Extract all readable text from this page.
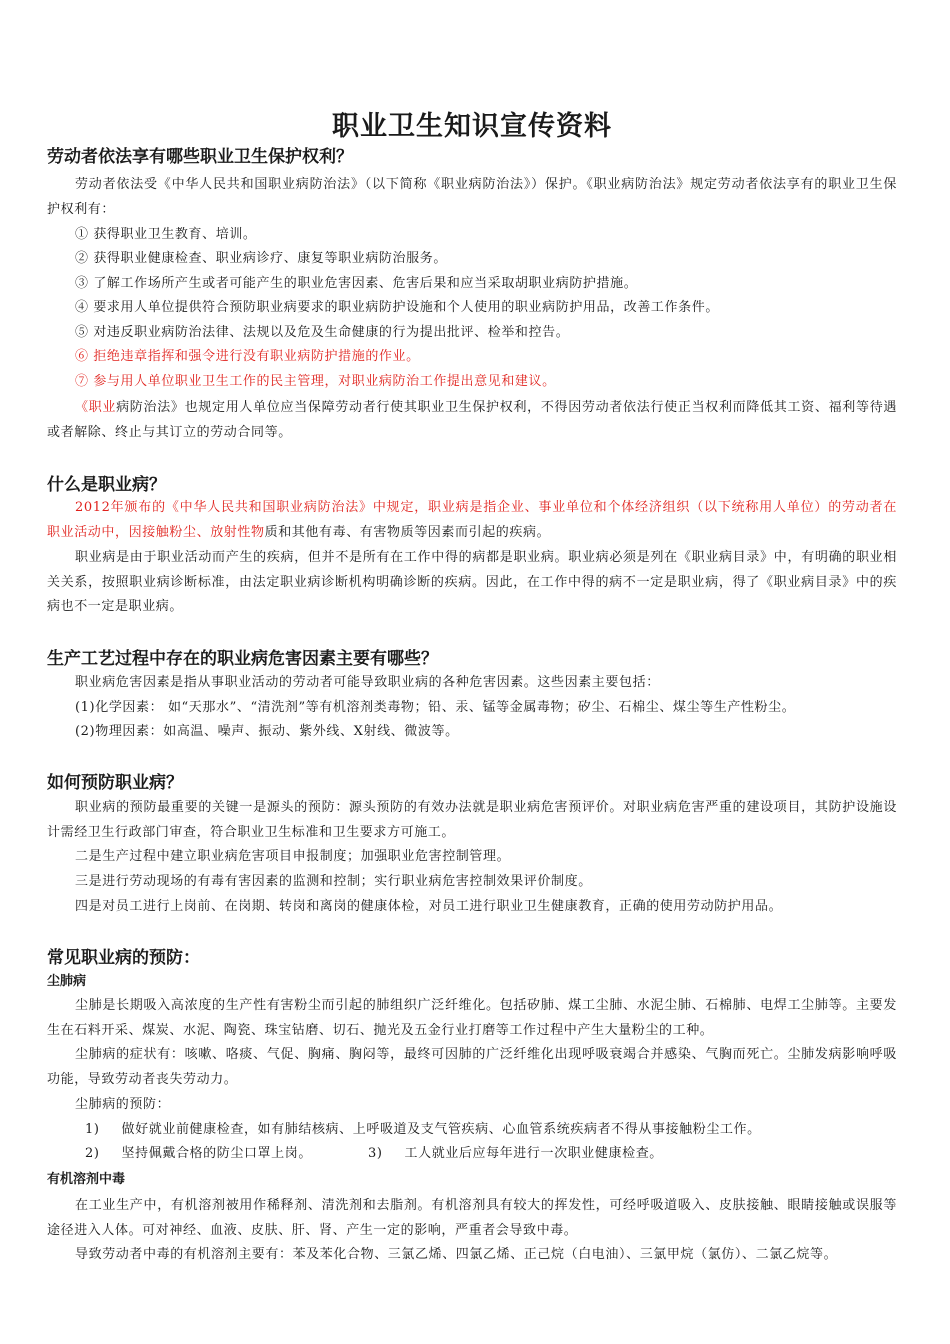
职业卫生知识宣传资料
劳动者依法享有哪些职业卫生保护权利？

劳动者依法受《中华人民共和国职业病防治法》（以下简称《职业病防治法》）保护。《职业病防治法》规定劳动者依法享有的职业卫生保护权利有：

① 获得职业卫生教育、培训。

② 获得职业健康检查、职业病诊疗、康复等职业病防治服务。

③ 了解工作场所产生或者可能产生的职业危害因素、危害后果和应当采取胡职业病防护措施。

④ 要求用人单位提供符合预防职业病要求的职业病防护设施和个人使用的职业病防护用品，改善工作条件。

⑤ 对违反职业病防治法律、法规以及危及生命健康的行为提出批评、检举和控告。

⑥ 拒绝违章指挥和强令进行没有职业病防护措施的作业。

⑦ 参与用人单位职业卫生工作的民主管理，对职业病防治工作提出意见和建议。

《职业病防治法》也规定用人单位应当保障劳动者行使其职业卫生保护权利，不得因劳动者依法行使正当权利而降低其工资、福利等待遇或者解除、终止与其订立的劳动合同等。

什么是职业病？

2012年颁布的《中华人民共和国职业病防治法》中规定，职业病是指企业、事业单位和个体经济组织（以下统称用人单位）的劳动者在职业活动中，因接触粉尘、放射性物质和其他有毒、有害物质等因素而引起的疾病。

职业病是由于职业活动而产生的疾病，但并不是所有在工作中得的病都是职业病。职业病必须是列在《职业病目录》中，有明确的职业相关关系，按照职业病诊断标准，由法定职业病诊断机构明确诊断的疾病。因此，在工作中得的病不一定是职业病，得了《职业病目录》中的疾病也不一定是职业病。

生产工艺过程中存在的职业病危害因素主要有哪些？

职业病危害因素是指从事职业活动的劳动者可能导致职业病的各种危害因素。这些因素主要包括：

(1)化学因素： 如“天那水”、“清洗剂”等有机溶剂类毒物；铅、汞、锰等金属毒物；矽尘、石棉尘、煤尘等生产性粉尘。

(2)物理因素：如高温、噪声、振动、紫外线、X射线、微波等。

如何预防职业病？

职业病的预防最重要的关键一是源头的预防：源头预防的有效办法就是职业病危害预评价。对职业病危害严重的建设项目，其防护设施设计需经卫生行政部门审查，符合职业卫生标准和卫生要求方可施工。

二是生产过程中建立职业病危害项目申报制度；加强职业危害控制管理。

三是进行劳动现场的有毒有害因素的监测和控制；实行职业病危害控制效果评价制度。

四是对员工进行上岗前、在岗期、转岗和离岗的健康体检，对员工进行职业卫生健康教育，正确的使用劳动防护用品。

常见职业病的预防：
尘肺病

尘肺是长期吸入高浓度的生产性有害粉尘而引起的肺组织广泛纤维化。包括矽肺、煤工尘肺、水泥尘肺、石棉肺、电焊工尘肺等。主要发生在石料开采、煤炭、水泥、陶瓷、珠宝钻磨、切石、抛光及五金行业打磨等工作过程中产生大量粉尘的工种。

尘肺病的症状有：咳嗽、咯痰、气促、胸痛、胸闷等，最终可因肺的广泛纤维化出现呼吸衰竭合并感染、气胸而死亡。尘肺发病影响呼吸功能，导致劳动者丧失劳动力。

尘肺病的预防：

1) 做好就业前健康检查，如有肺结核病、上呼吸道及支气管疾病、心血管系统疾病者不得从事接触粉尘工作。

2) 坚持佩戴合格的防尘口罩上岗。	3) 工人就业后应每年进行一次职业健康检查。

有机溶剂中毒

在工业生产中，有机溶剂被用作稀释剂、清洗剂和去脂剂。有机溶剂具有较大的挥发性，可经呼吸道吸入、皮肤接触、眼睛接触或误服等途径进入人体。可对神经、血液、皮肤、肝、肾、产生一定的影响，严重者会导致中毒。

导致劳动者中毒的有机溶剂主要有：苯及苯化合物、三氯乙烯、四氯乙烯、正己烷（白电油）、三氯甲烷（氯仿）、二氯乙烷等。
